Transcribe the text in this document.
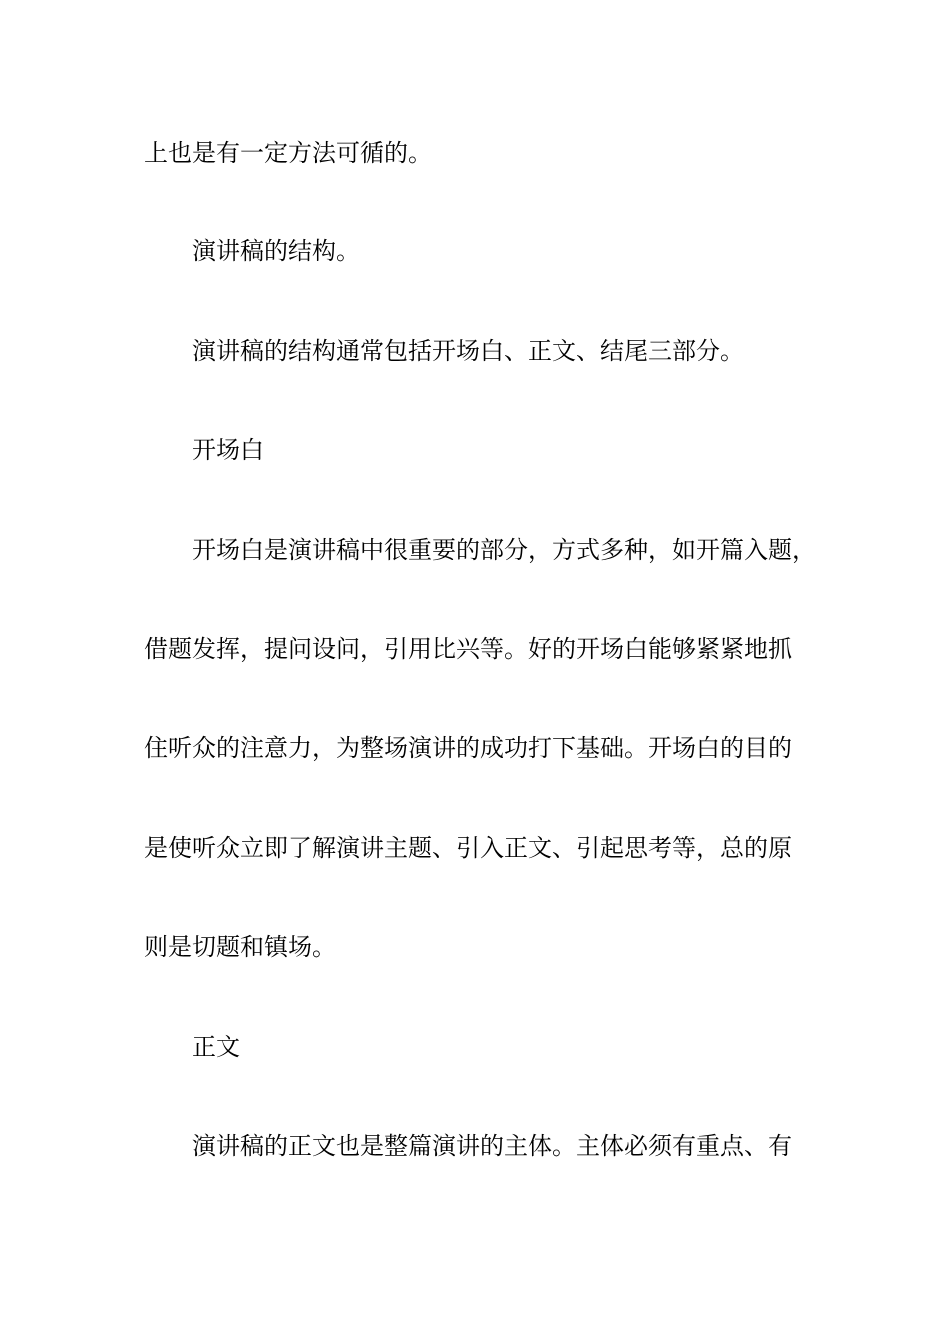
上也是有一定方法可循的。
演讲稿的结构。
演讲稿的结构通常包括开场白、正文、结尾三部分。
开场白
开场白是演讲稿中很重要的部分，方式多种，如开篇入题，
借题发挥，提问设问，引用比兴等。好的开场白能够紧紧地抓
住听众的注意力，为整场演讲的成功打下基础。开场白的目的
是使听众立即了解演讲主题、引入正文、引起思考等，总的原
则是切题和镇场。
正文
演讲稿的正文也是整篇演讲的主体。主体必须有重点、有
